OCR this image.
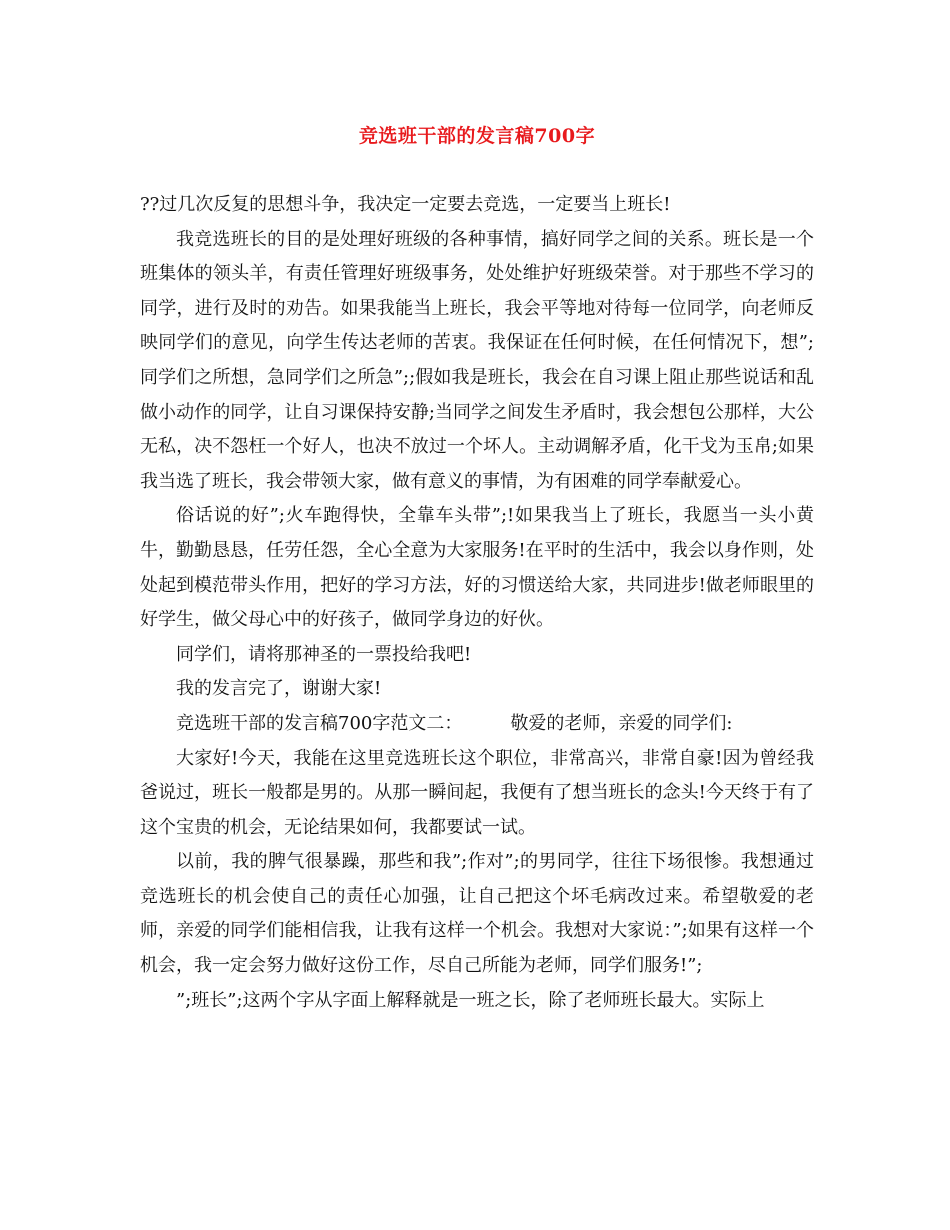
竞选班干部的发言稿700字

??过几次反复的思想斗争，我决定一定要去竞选，一定要当上班长!

我竞选班长的目的是处理好班级的各种事情，搞好同学之间的关系。班长是一个班集体的领头羊，有责任管理好班级事务，处处维护好班级荣誉。对于那些不学习的同学，进行及时的劝告。如果我能当上班长，我会平等地对待每一位同学，向老师反映同学们的意见，向学生传达老师的苦衷。我保证在任何时候，在任何情况下，想”;同学们之所想，急同学们之所急”;;假如我是班长，我会在自习课上阻止那些说话和乱做小动作的同学，让自习课保持安静;当同学之间发生矛盾时，我会想包公那样，大公无私，决不怨枉一个好人，也决不放过一个坏人。主动调解矛盾，化干戈为玉帛;如果我当选了班长，我会带领大家，做有意义的事情，为有困难的同学奉献爱心。

俗话说的好”;火车跑得快，全靠车头带”;!如果我当上了班长，我愿当一头小黄牛，勤勤恳恳，任劳任怨，全心全意为大家服务!在平时的生活中，我会以身作则，处处起到模范带头作用，把好的学习方法，好的习惯送给大家，共同进步!做老师眼里的好学生，做父母心中的好孩子，做同学身边的好伙。

同学们，请将那神圣的一票投给我吧!

我的发言完了，谢谢大家!

竞选班干部的发言稿700字范文二：	敬爱的老师，亲爱的同学们:

大家好!今天，我能在这里竞选班长这个职位，非常高兴，非常自豪!因为曾经我爸说过，班长一般都是男的。从那一瞬间起，我便有了想当班长的念头!今天终于有了这个宝贵的机会，无论结果如何，我都要试一试。

以前，我的脾气很暴躁，那些和我”;作对”;的男同学，往往下场很惨。我想通过竞选班长的机会使自己的责任心加强，让自己把这个坏毛病改过来。希望敬爱的老师，亲爱的同学们能相信我，让我有这样一个机会。我想对大家说：”;如果有这样一个机会，我一定会努力做好这份工作，尽自己所能为老师，同学们服务!”;

”;班长”;这两个字从字面上解释就是一班之长，除了老师班长最大。实际上
